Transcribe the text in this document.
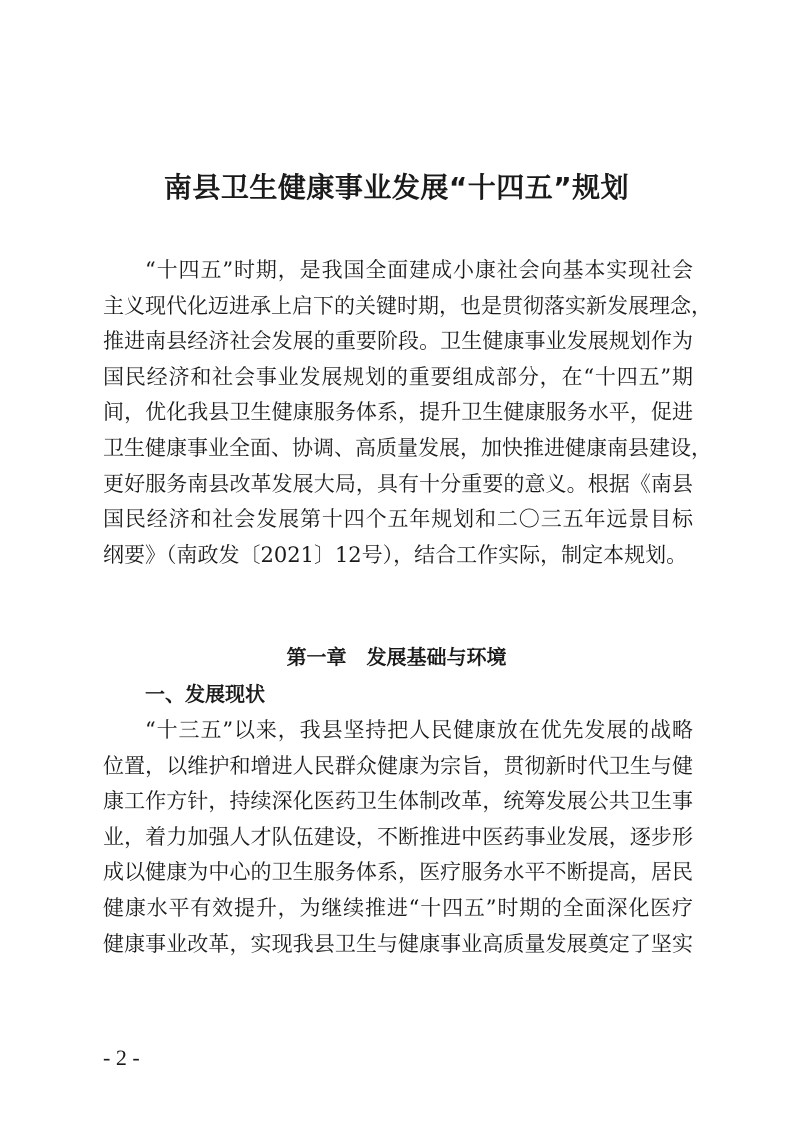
南县卫生健康事业发展“十四五”规划
“十四五”时期，是我国全面建成小康社会向基本实现社会
主义现代化迈进承上启下的关键时期，也是贯彻落实新发展理念，
推进南县经济社会发展的重要阶段。卫生健康事业发展规划作为
国民经济和社会事业发展规划的重要组成部分，在“十四五”期
间，优化我县卫生健康服务体系，提升卫生健康服务水平，促进
卫生健康事业全面、协调、高质量发展，加快推进健康南县建设，
更好服务南县改革发展大局，具有十分重要的意义。根据《南县
国民经济和社会发展第十四个五年规划和二〇三五年远景目标
纲要》（南政发〔2021〕12号），结合工作实际，制定本规划。
第一章　发展基础与环境
一、发展现状
“十三五”以来，我县坚持把人民健康放在优先发展的战略
位置，以维护和增进人民群众健康为宗旨，贯彻新时代卫生与健
康工作方针，持续深化医药卫生体制改革，统筹发展公共卫生事
业，着力加强人才队伍建设，不断推进中医药事业发展，逐步形
成以健康为中心的卫生服务体系，医疗服务水平不断提高，居民
健康水平有效提升，为继续推进“十四五”时期的全面深化医疗
健康事业改革，实现我县卫生与健康事业高质量发展奠定了坚实
- 2 -
